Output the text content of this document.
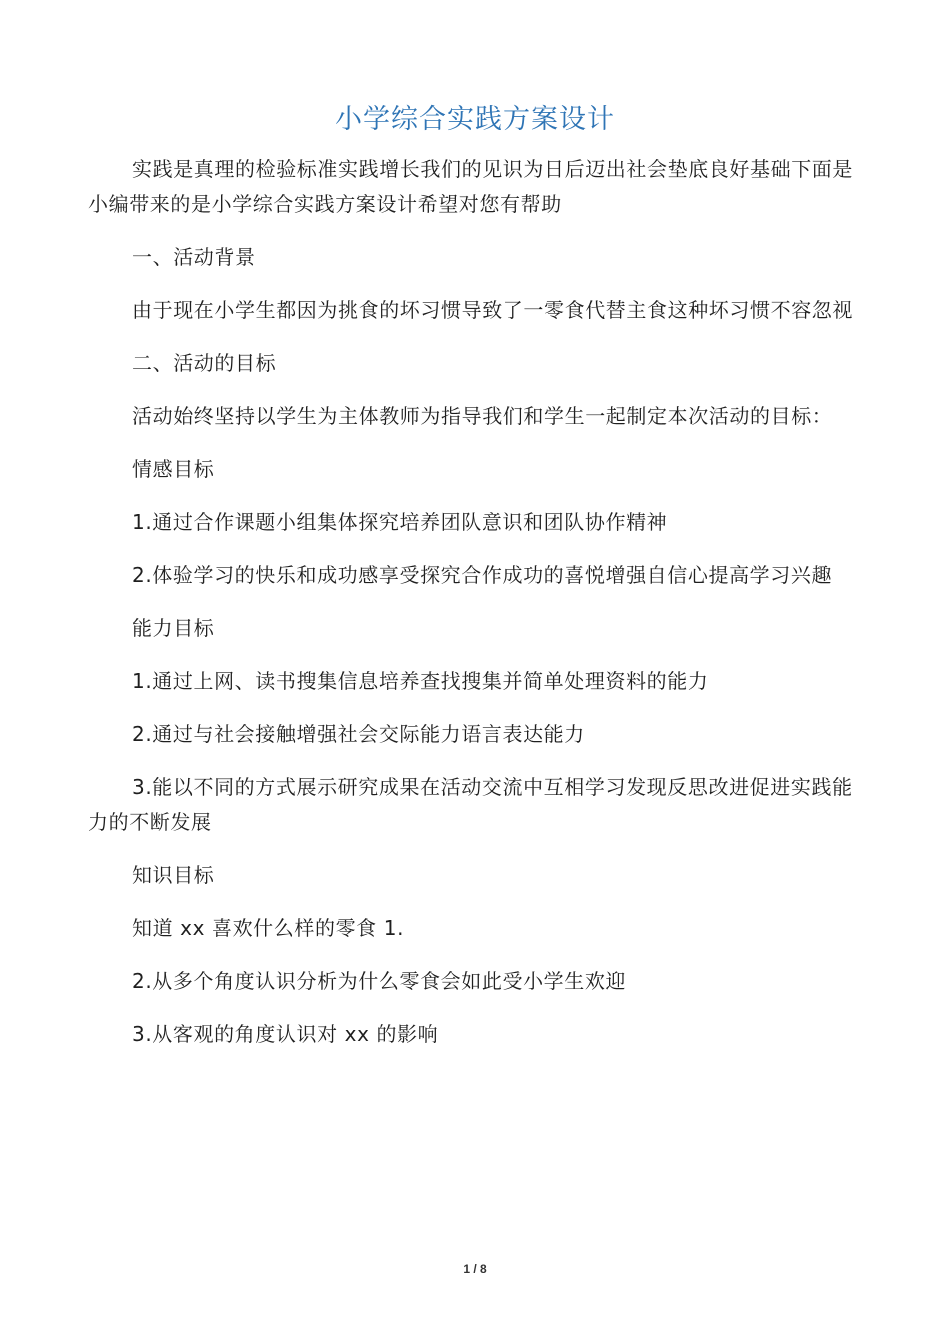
小学综合实践方案设计

实践是真理的检验标准实践增长我们的见识为日后迈出社会垫底良好基础下面是小编带来的是小学综合实践方案设计希望对您有帮助

一、活动背景

由于现在小学生都因为挑食的坏习惯导致了一零食代替主食这种坏习惯不容忽视

二、活动的目标

活动始终坚持以学生为主体教师为指导我们和学生一起制定本次活动的目标：

情感目标

1.通过合作课题小组集体探究培养团队意识和团队协作精神

2.体验学习的快乐和成功感享受探究合作成功的喜悦增强自信心提高学习兴趣

能力目标

1.通过上网、读书搜集信息培养查找搜集并简单处理资料的能力

2.通过与社会接触增强社会交际能力语言表达能力

3.能以不同的方式展示研究成果在活动交流中互相学习发现反思改进促进实践能力的不断发展

知识目标

知道 xx 喜欢什么样的零食 1.

2.从多个角度认识分析为什么零食会如此受小学生欢迎

3.从客观的角度认识对 xx 的影响

1 / 8
